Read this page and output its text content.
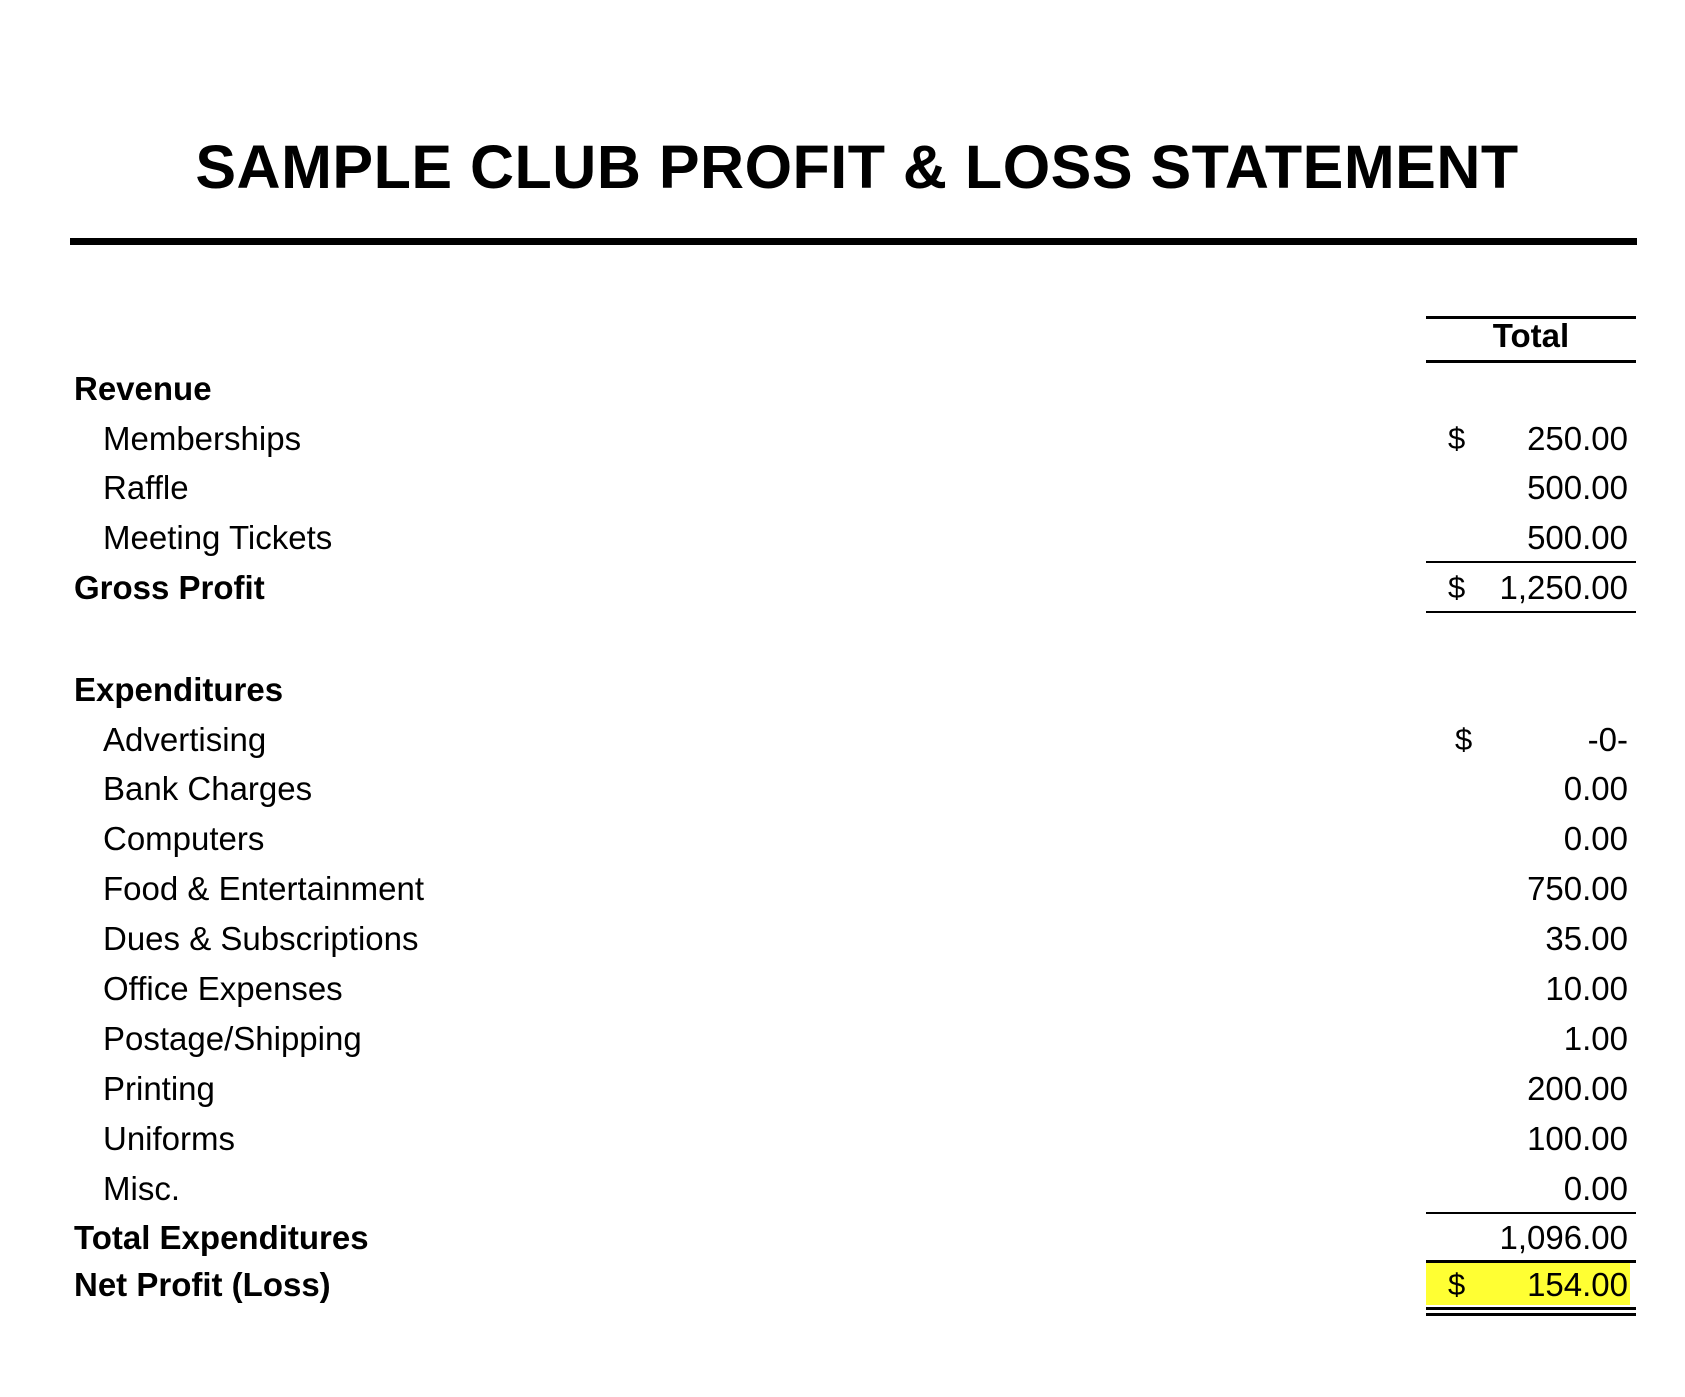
SAMPLE CLUB PROFIT & LOSS STATEMENT
Total
Revenue
Memberships	$ 250.00
Raffle	500.00
Meeting Tickets	500.00
Gross Profit	$ 1,250.00
Expenditures
Advertising	$	-0-
Bank Charges	0.00
Computers	0.00
Food & Entertainment	750.00
Dues & Subscriptions	35.00
Office Expenses	10.00
Postage/Shipping	1.00
Printing	200.00
Uniforms	100.00
Misc.	0.00
Total Expenditures	1,096.00
Net Profit (Loss)	$ 154.00
